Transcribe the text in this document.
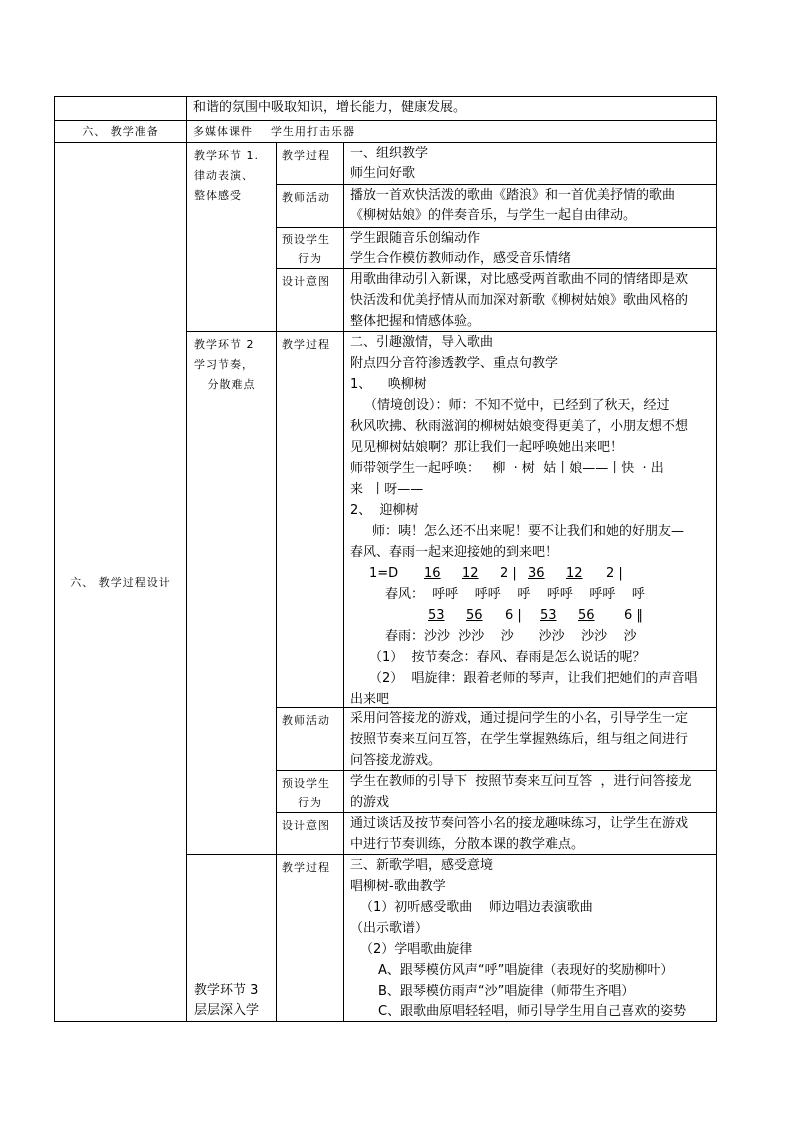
和谐的氛围中吸取知识，增长能力，健康发展。
六、 教学准备	多媒体课件    学生用打击乐器
六、 教学过程设计
教学环节 1.
律动表演、
整体感受
教学过程 一、组织教学
师生问好歌
教师活动 播放一首欢快活泼的歌曲《踏浪》和一首优美抒情的歌曲
《柳树姑娘》的伴奏音乐，与学生一起自由律动。
预设学生
行为
学生跟随音乐创编动作
学生合作模仿教师动作，感受音乐情绪
设计意图 用歌曲律动引入新课，对比感受两首歌曲不同的情绪即是欢
快活泼和优美抒情从而加深对新歌《柳树姑娘》歌曲风格的
整体把握和情感体验。
教学环节 2
学习节奏，
分散难点
教学过程 二、引趣激情，导入歌曲
附点四分音符渗透教学、重点句教学
1、    唤柳树
（情境创设）：师：不知不觉中，已经到了秋天，经过
秋风吹拂、秋雨滋润的柳树姑娘变得更美了，小朋友想不想
见见柳树姑娘啊？那让我们一起呼唤她出来吧！
师带领学生一起呼唤：   柳  · 树  姑丨娘——丨快  · 出
来  丨呀——
2、  迎柳树
师：咦！怎么还不出来呢！要不让我们和她的好朋友—
春风、春雨一起来迎接她的到来吧！
1=D 16 12 2 | 36 12 2 |
春风：  呼呼    呼呼    呼    呼呼    呼呼    呼
53 56 6 | 53 56 6 ‖
春雨：沙沙  沙沙    沙      沙沙    沙沙    沙
（1）  按节奏念：春风、春雨是怎么说话的呢？
（2）  唱旋律：跟着老师的琴声，让我们把她们的声音唱
出来吧
教师活动 采用问答接龙的游戏，通过提问学生的小名，引导学生一定
按照节奏来互问互答，在学生掌握熟练后，组与组之间进行
问答接龙游戏。
预设学生
行为
学生在教师的引导下  按照节奏来互问互答  ，进行问答接龙
的游戏
设计意图 通过谈话及按节奏问答小名的接龙趣味练习，让学生在游戏
中进行节奏训练，分散本课的教学难点。
教学环节 3
层层深入学
教学过程 三、新歌学唱，感受意境
唱柳树-歌曲教学
（1）初听感受歌曲    师边唱边表演歌曲
（出示歌谱）
（2）学唱歌曲旋律
A、跟琴模仿风声“呼”唱旋律（表现好的奖励柳叶）
B、跟琴模仿雨声“沙”唱旋律（师带生齐唱）
C、跟歌曲原唱轻轻唱，师引导学生用自己喜欢的姿势
